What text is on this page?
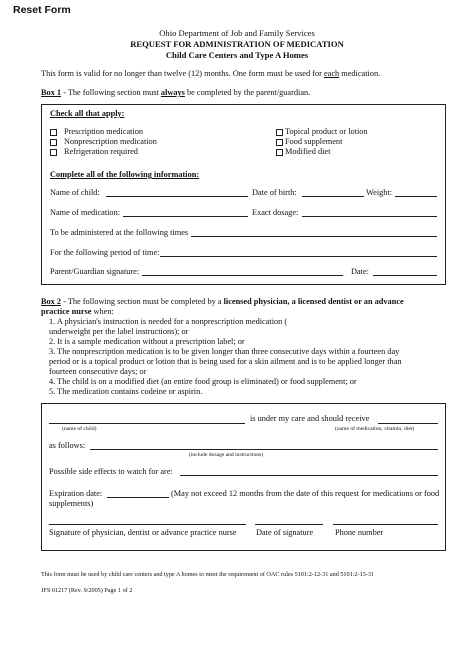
Reset Form
Ohio Department of Job and Family Services
REQUEST FOR ADMINISTRATION OF MEDICATION
Child Care Centers and Type A Homes
This form is valid for no longer than twelve (12) months. One form must be used for each medication.
Box 1 - The following section must always be completed by the parent/guardian.
Check all that apply:
Prescription medication
Nonprescription medication
Refrigeration required
Topical product or lotion
Food supplement
Modified diet
Complete all of the following information:
Name of child:	Date of birth:	Weight:
Name of medication:	Exact dosage:
To be administered at the following times
For the following period of time:
Parent/Guardian signature:	Date:
Box 2 - The following section must be completed by a licensed physician, a licensed dentist or an advance
practice nurse when:
1. A physician's instruction is needed for a nonprescription medication (
underweight per the label instructions); or
2. It is a sample medication without a prescription label; or
3. The nonprescription medication is to be given longer than three consecutive days within a fourteen day
period or is a topical product or lotion that is being used for a skin ailment and is to be applied longer than
fourteen consecutive days; or
4. The child is on a modified diet (an entire food group is eliminated) or food supplement; or
5. The medication contains codeine or aspirin.
is under my care and should receive
(name of child)	(name of medication, vitamin, diet)
as follows:
(include dosage and instructions)
Possible side effects to watch for are:
Expiration date:	(May not exceed 12 months from the date of this request for medications or food
supplements)
Signature of physician, dentist or advance practice nurse Date of signature	Phone number
This form must be used by child care centers and type A homes to meet the requirement of OAC rules 5101:2-12-31 and 5101:2-13-31
JFS 01217 (Rev. 9/2005) Page 1 of 2
